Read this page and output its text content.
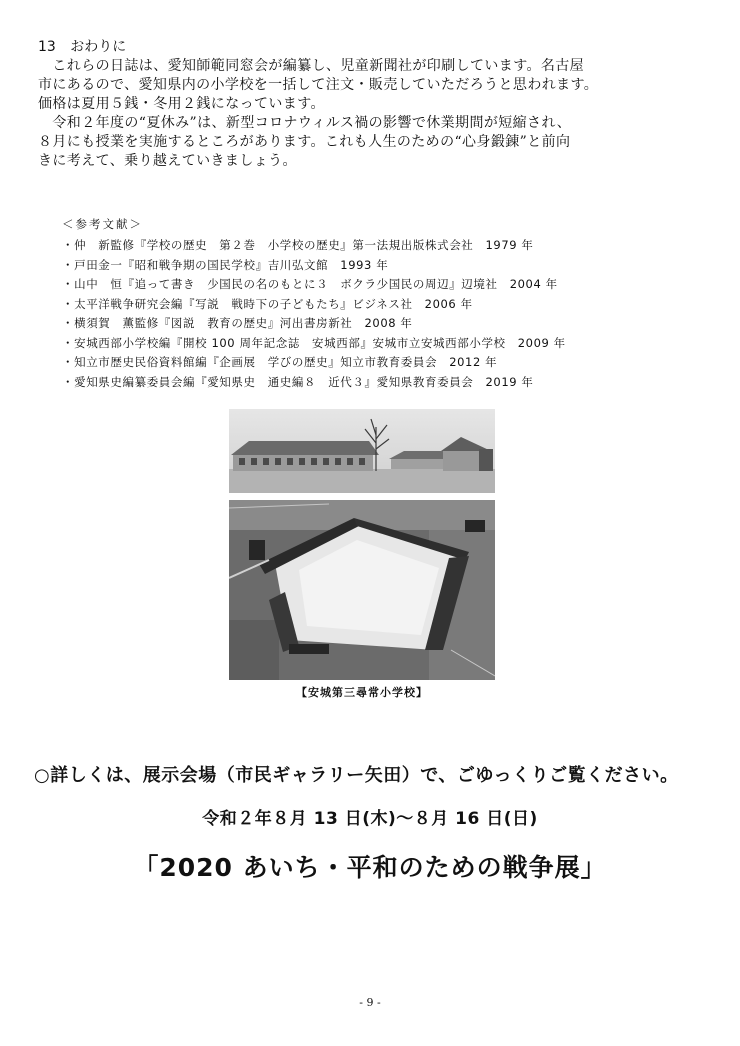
13 おわりに
　これらの日誌は、愛知師範同窓会が編纂し、児童新聞社が印刷しています。名古屋
市にあるので、愛知県内の小学校を一括して注文・販売していただろうと思われます。
価格は夏用５銭・冬用２銭になっています。
　令和２年度の“夏休み”は、新型コロナウィルス禍の影響で休業期間が短縮され、
８月にも授業を実施するところがあります。これも人生のための“心身鍛錬”と前向
きに考えて、乗り越えていきましょう。
＜参考文献＞
・仲　新監修『学校の歴史　第２巻　小学校の歴史』第一法規出版株式会社　1979 年
・戸田金一『昭和戦争期の国民学校』吉川弘文館　1993 年
・山中　恒『追って書き　少国民の名のもとに３　ボクラ少国民の周辺』辺境社　2004 年
・太平洋戦争研究会編『写説　戦時下の子どもたち』ビジネス社　2006 年
・横須賀　薫監修『図説　教育の歴史』河出書房新社　2008 年
・安城西部小学校編『開校 100 周年記念誌　安城西部』安城市立安城西部小学校　2009 年
・知立市歴史民俗資料館編『企画展　学びの歴史』知立市教育委員会　2012 年
・愛知県史編纂委員会編『愛知県史　通史編８　近代３』愛知県教育委員会　2019 年
【安城第三尋常小学校】
○詳しくは、展示会場（市民ギャラリー矢田）で、ごゆっくりご覧ください。
令和２年８月 13 日(木)～８月 16 日(日)
「2020 あいち・平和のための戦争展」
- 9 -
